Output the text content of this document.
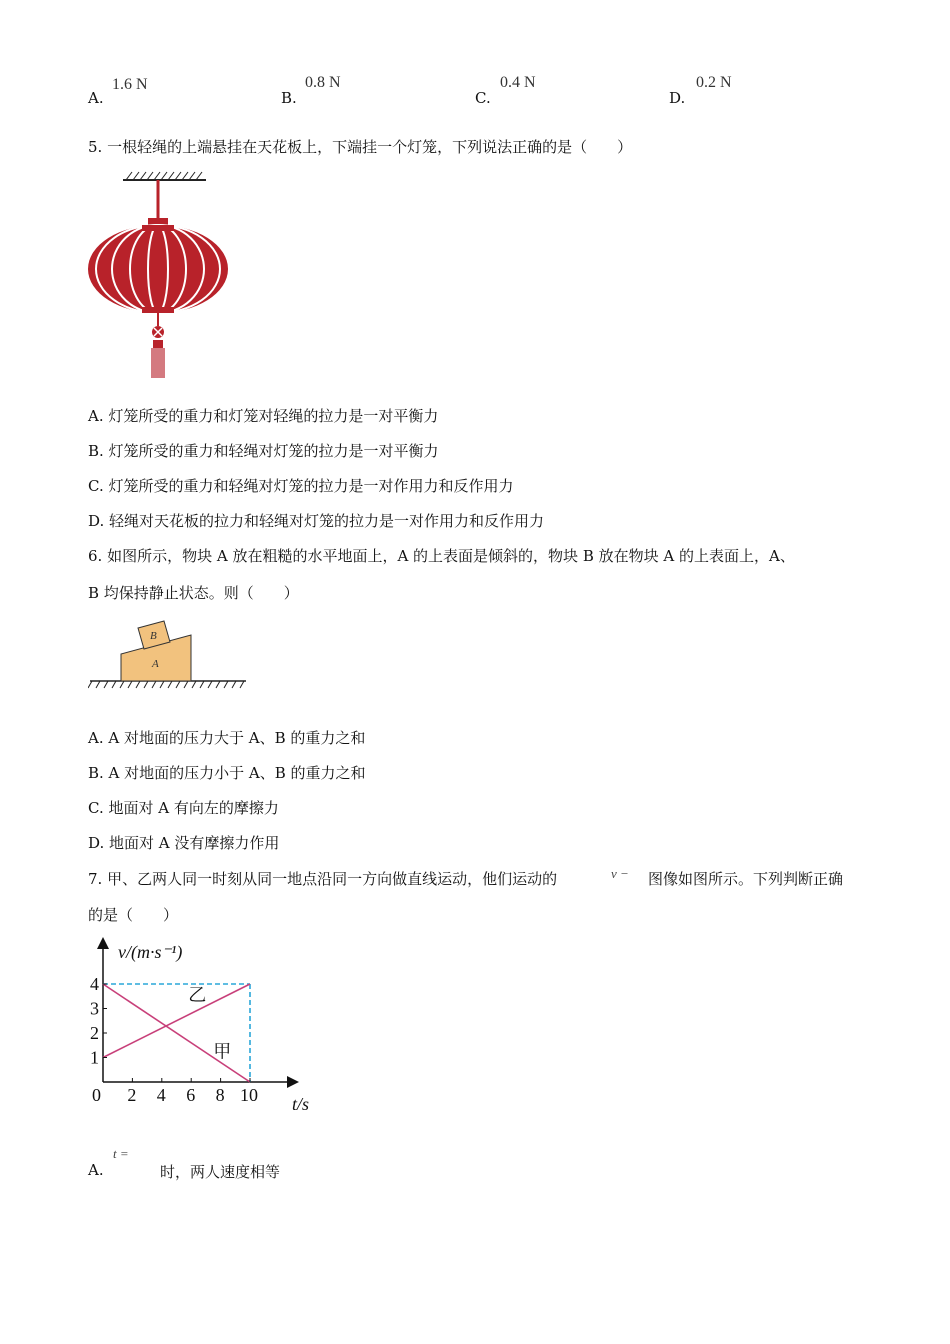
A.
1.6 N
B.
0.8 N
C.
0.4 N
D.
0.2 N
5. 一根轻绳的上端悬挂在天花板上，下端挂一个灯笼，下列说法正确的是（　　）
A. 灯笼所受的重力和灯笼对轻绳的拉力是一对平衡力
B. 灯笼所受的重力和轻绳对灯笼的拉力是一对平衡力
C. 灯笼所受的重力和轻绳对灯笼的拉力是一对作用力和反作用力
D. 轻绳对天花板的拉力和轻绳对灯笼的拉力是一对作用力和反作用力
6. 如图所示，物块 A 放在粗糙的水平地面上，A 的上表面是倾斜的，物块 B 放在物块 A 的上表面上，A、
B 均保持静止状态。则（　　）
A
B
A. A 对地面的压力大于 A、B 的重力之和
B. A 对地面的压力小于 A、B 的重力之和
C. 地面对 A 有向左的摩擦力
D. 地面对 A 没有摩擦力作用
7. 甲、乙两人同一时刻从同一地点沿同一方向做直线运动，他们运动的	v − 图像如图所示。下列判断正确
的是（　　）
v/(m·s⁻¹)
t/s
0 2 4 6 8 10
1
2
3
4
乙
甲
A.
t =
时，两人速度相等
